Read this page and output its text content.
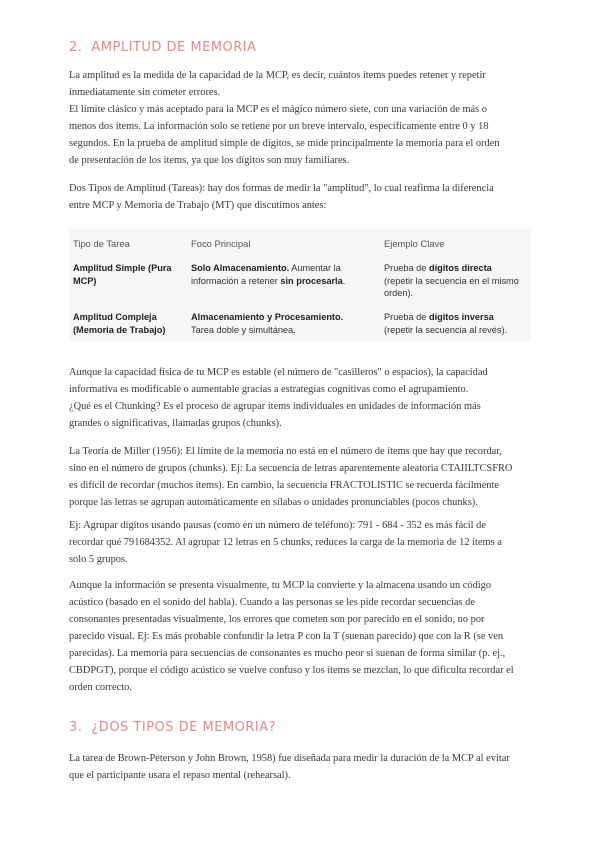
2. AMPLITUD DE MEMORIA
La amplitud es la medida de la capacidad de la MCP, es decir, cuántos ítems puedes retener y repetir
inmediatamente sin cometer errores.
El límite clásico y más aceptado para la MCP es el mágico número siete, con una variación de más o
menos dos ítems. La información solo se retiene por un breve intervalo, específicamente entre 0 y 18
segundos. En la prueba de amplitud simple de dígitos, se mide principalmente la memoria para el orden
de presentación de los ítems, ya que los dígitos son muy familiares.
Dos Tipos de Amplitud (Tareas): hay dos formas de medir la "amplitud", lo cual reafirma la diferencia
entre MCP y Memoria de Trabajo (MT) que discutimos antes:
Tipo de Tarea	Foco Principal	Ejemplo Clave
Amplitud Simple (Pura
MCP)
Solo Almacenamiento. Aumentar la
información a retener sin procesarla.
Prueba de dígitos directa
(repetir la secuencia en el mismo
orden).
Amplitud Compleja
(Memoria de Trabajo)
Almacenamiento y Procesamiento.
Tarea doble y simultánea.
Prueba de dígitos inversa
(repetir la secuencia al revés).
Aunque la capacidad física de tu MCP es estable (el número de "casilleros" o espacios), la capacidad
informativa es modificable o aumentable gracias a estrategias cognitivas como el agrupamiento.
¿Qué es el Chunking? Es el proceso de agrupar ítems individuales en unidades de información más
grandes o significativas, llamadas grupos (chunks).
La Teoría de Miller (1956): El límite de la memoria no está en el número de ítems que hay que recordar,
sino en el número de grupos (chunks). Ej: La secuencia de letras aparentemente aleatoria CTAIILTCSFRO
es difícil de recordar (muchos ítems). En cambio, la secuencia FRACTOLISTIC se recuerda fácilmente
porque las letras se agrupan automáticamente en sílabas o unidades pronunciables (pocos chunks).
Ej: Agrupar dígitos usando pausas (como en un número de teléfono): 791 - 684 - 352 es más fácil de
recordar qué 791684352. Al agrupar 12 letras en 5 chunks, reduces la carga de la memoria de 12 ítems a
solo 5 grupos.
Aunque la información se presenta visualmente, tu MCP la convierte y la almacena usando un código
acústico (basado en el sonido del habla). Cuando a las personas se les pide recordar secuencias de
consonantes presentadas visualmente, los errores que cometen son por parecido en el sonido, no por
parecido visual. Ej: Es más probable confundir la letra P con la T (suenan parecido) que con la R (se ven
parecidas). La memoria para secuencias de consonantes es mucho peor si suenan de forma similar (p. ej.,
CBDPGT), porque el código acústico se vuelve confuso y los ítems se mezclan, lo que dificulta recordar el
orden correcto.
3. ¿DOS TIPOS DE MEMORIA?
La tarea de Brown-Peterson y John Brown, 1958) fue diseñada para medir la duración de la MCP al evitar
que el participante usara el repaso mental (rehearsal).
